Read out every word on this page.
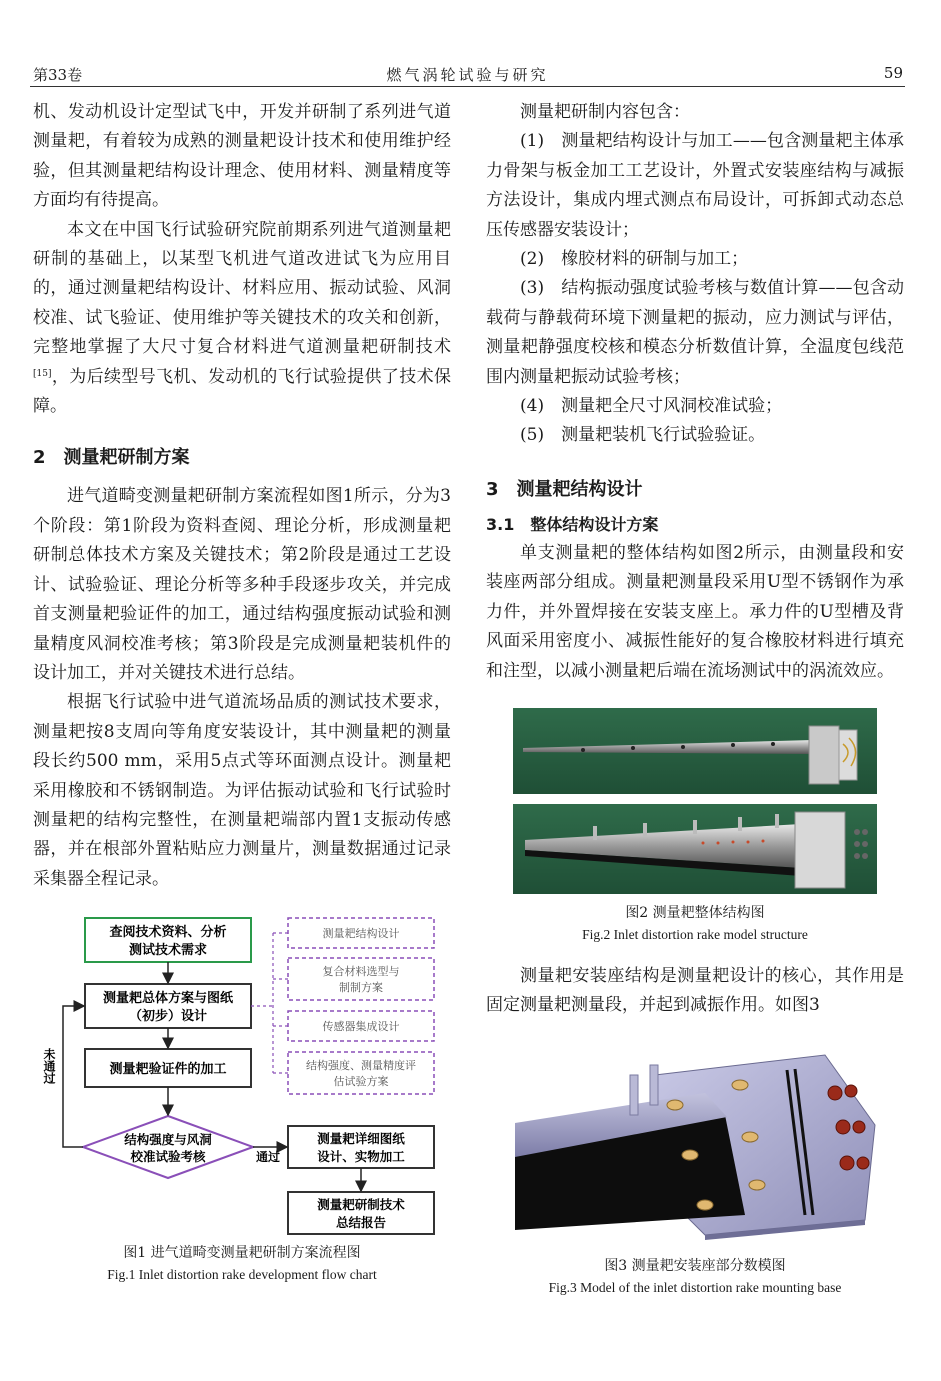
第33卷	燃气涡轮试验与研究	59

机、发动机设计定型试飞中，开发并研制了系列进气道测量耙，有着较为成熟的测量耙设计技术和使用维护经验，但其测量耙结构设计理念、使用材料、测量精度等方面均有待提高。

本文在中国飞行试验研究院前期系列进气道测量耙研制的基础上，以某型飞机进气道改进试飞为应用目的，通过测量耙结构设计、材料应用、振动试验、风洞校准、试飞验证、使用维护等关键技术的攻关和创新，完整地掌握了大尺寸复合材料进气道测量耙研制技术[15]，为后续型号飞机、发动机的飞行试验提供了技术保障。

2　测量耙研制方案

进气道畸变测量耙研制方案流程如图1所示，分为3个阶段：第1阶段为资料查阅、理论分析，形成测量耙研制总体技术方案及关键技术；第2阶段是通过工艺设计、试验验证、理论分析等多种手段逐步攻关，并完成首支测量耙验证件的加工，通过结构强度振动试验和测量精度风洞校准考核；第3阶段是完成测量耙装机件的设计加工，并对关键技术进行总结。

根据飞行试验中进气道流场品质的测试技术要求，测量耙按8支周向等角度安装设计，其中测量耙的测量段长约500 mm，采用5点式等环面测点设计。测量耙采用橡胶和不锈钢制造。为评估振动试验和飞行试验时测量耙的结构完整性，在测量耙端部内置1支振动传感器，并在根部外置粘贴应力测量片，测量数据通过记录采集器全程记录。

查阅技术资料、分析
测试技术需求
测量耙总体方案与图纸
（初步）设计
测量耙验证件的加工
结构强度与风洞
校准试验考核
测量耙详细图纸
设计、实物加工
测量耙研制技术
总结报告
测量耙结构设计
复合材料选型与
制制方案
传感器集成设计
结构强度、测量精度评
估试验方案
未通过
通过
图1 进气道畸变测量耙研制方案流程图
Fig.1 Inlet distortion rake development flow chart

测量耙研制内容包含：

(1)　测量耙结构设计与加工——包含测量耙主体承力骨架与板金加工工艺设计，外置式安装座结构与减振方法设计，集成内埋式测点布局设计，可拆卸式动态总压传感器安装设计；

(2)　橡胶材料的研制与加工；

(3)　结构振动强度试验考核与数值计算——包含动载荷与静载荷环境下测量耙的振动，应力测试与评估，测量耙静强度校核和模态分析数值计算，全温度包线范围内测量耙振动试验考核；

(4)　测量耙全尺寸风洞校准试验；

(5)　测量耙装机飞行试验验证。

3　测量耙结构设计
3.1　整体结构设计方案

单支测量耙的整体结构如图2所示，由测量段和安装座两部分组成。测量耙测量段采用U型不锈钢作为承力件，并外置焊接在安装支座上。承力件的U型槽及背风面采用密度小、减振性能好的复合橡胶材料进行填充和注型，以减小测量耙后端在流场测试中的涡流效应。

图2 测量耙整体结构图
Fig.2 Inlet distortion rake model structure

测量耙安装座结构是测量耙设计的核心，其作用是固定测量耙测量段，并起到减振作用。如图3

图3 测量耙安装座部分数模图
Fig.3 Model of the inlet distortion rake mounting base
